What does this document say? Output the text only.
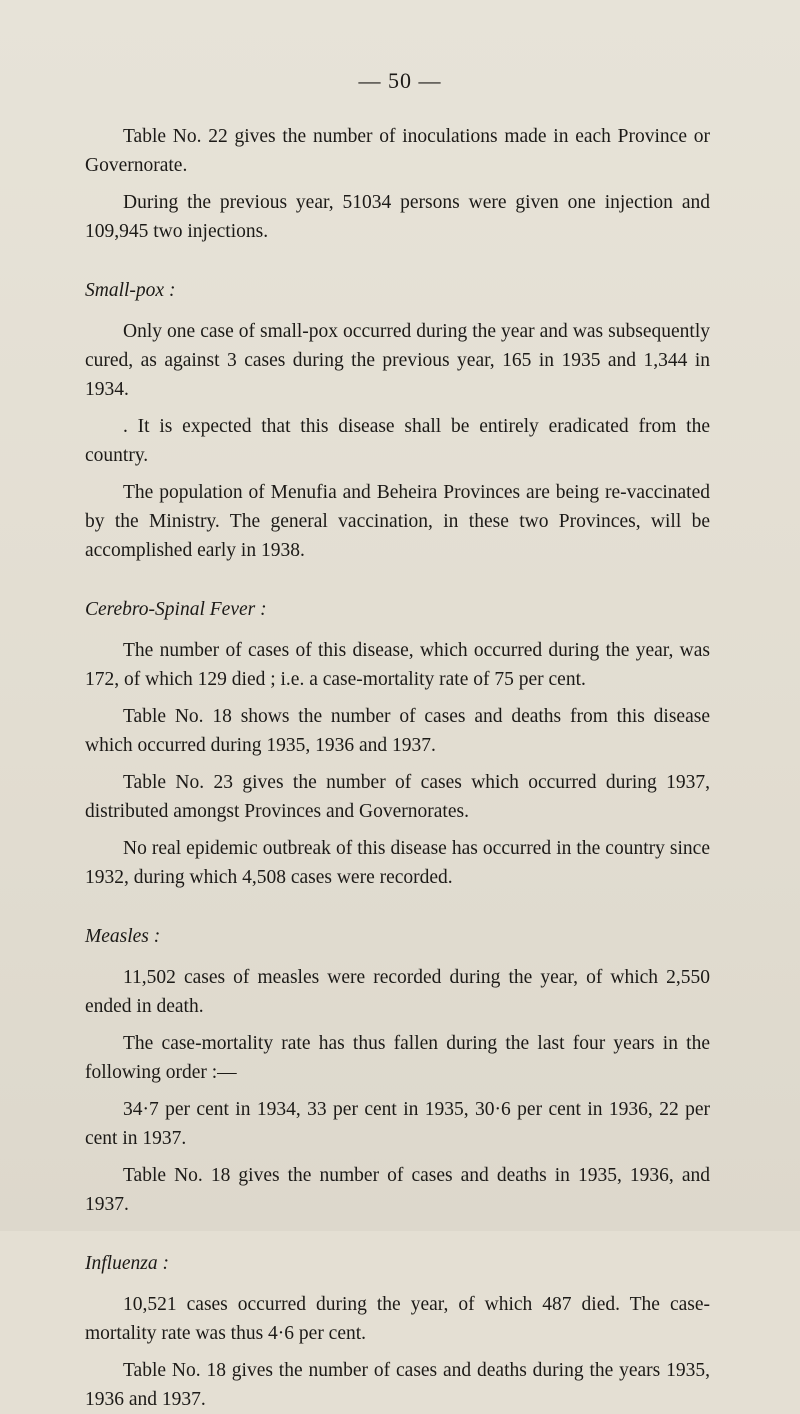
— 50 —

Table No. 22 gives the number of inoculations made in each Province or Governorate.

During the previous year, 51034 persons were given one injection and 109,945 two injections.

Small-pox :

Only one case of small-pox occurred during the year and was subsequently cured, as against 3 cases during the previous year, 165 in 1935 and 1,344 in 1934.

. It is expected that this disease shall be entirely eradicated from the country.

The population of Menufia and Beheira Provinces are being re-vaccinated by the Ministry. The general vaccination, in these two Provinces, will be accomplished early in 1938.

Cerebro-Spinal Fever :

The number of cases of this disease, which occurred during the year, was 172, of which 129 died ; i.e. a case-mortality rate of 75 per cent.

Table No. 18 shows the number of cases and deaths from this disease which occurred during 1935, 1936 and 1937.

Table No. 23 gives the number of cases which occurred during 1937, distributed amongst Provinces and Governorates.

No real epidemic outbreak of this disease has occurred in the country since 1932, during which 4,508 cases were recorded.

Measles :

11,502 cases of measles were recorded during the year, of which 2,550 ended in death.

The case-mortality rate has thus fallen during the last four years in the following order :—

34·7 per cent in 1934, 33 per cent in 1935, 30·6 per cent in 1936, 22 per cent in 1937.

Table No. 18 gives the number of cases and deaths in 1935, 1936, and 1937.

Influenza :

10,521 cases occurred during the year, of which 487 died. The case-mortality rate was thus 4·6 per cent.

Table No. 18 gives the number of cases and deaths during the years 1935, 1936 and 1937.
